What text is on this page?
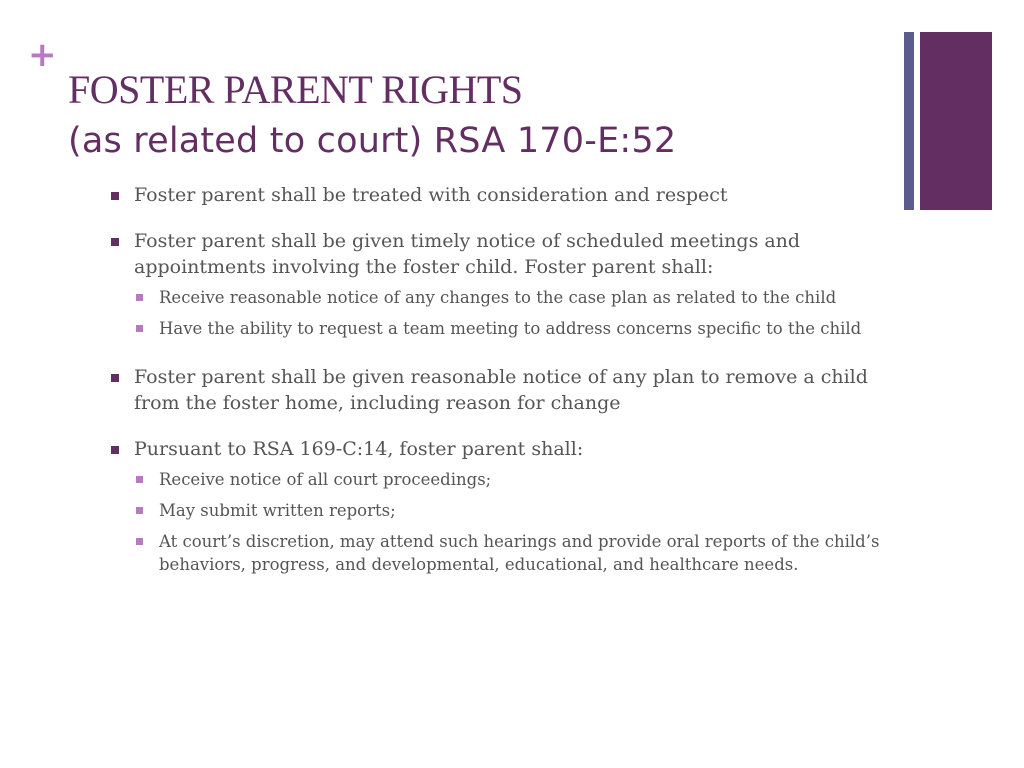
+
FOSTER PARENT RIGHTS
(as related to court) RSA 170-E:52
Foster parent shall be treated with consideration and respect
Foster parent shall be given timely notice of scheduled meetings and appointments involving the foster child. Foster parent shall:
Receive reasonable notice of any changes to the case plan as related to the child
Have the ability to request a team meeting to address concerns specific to the child
Foster parent shall be given reasonable notice of any plan to remove a child from the foster home, including reason for change
Pursuant to RSA 169-C:14, foster parent shall:
Receive notice of all court proceedings;
May submit written reports;
At court’s discretion, may attend such hearings and provide oral reports of the child’s behaviors, progress, and developmental, educational, and healthcare needs.
